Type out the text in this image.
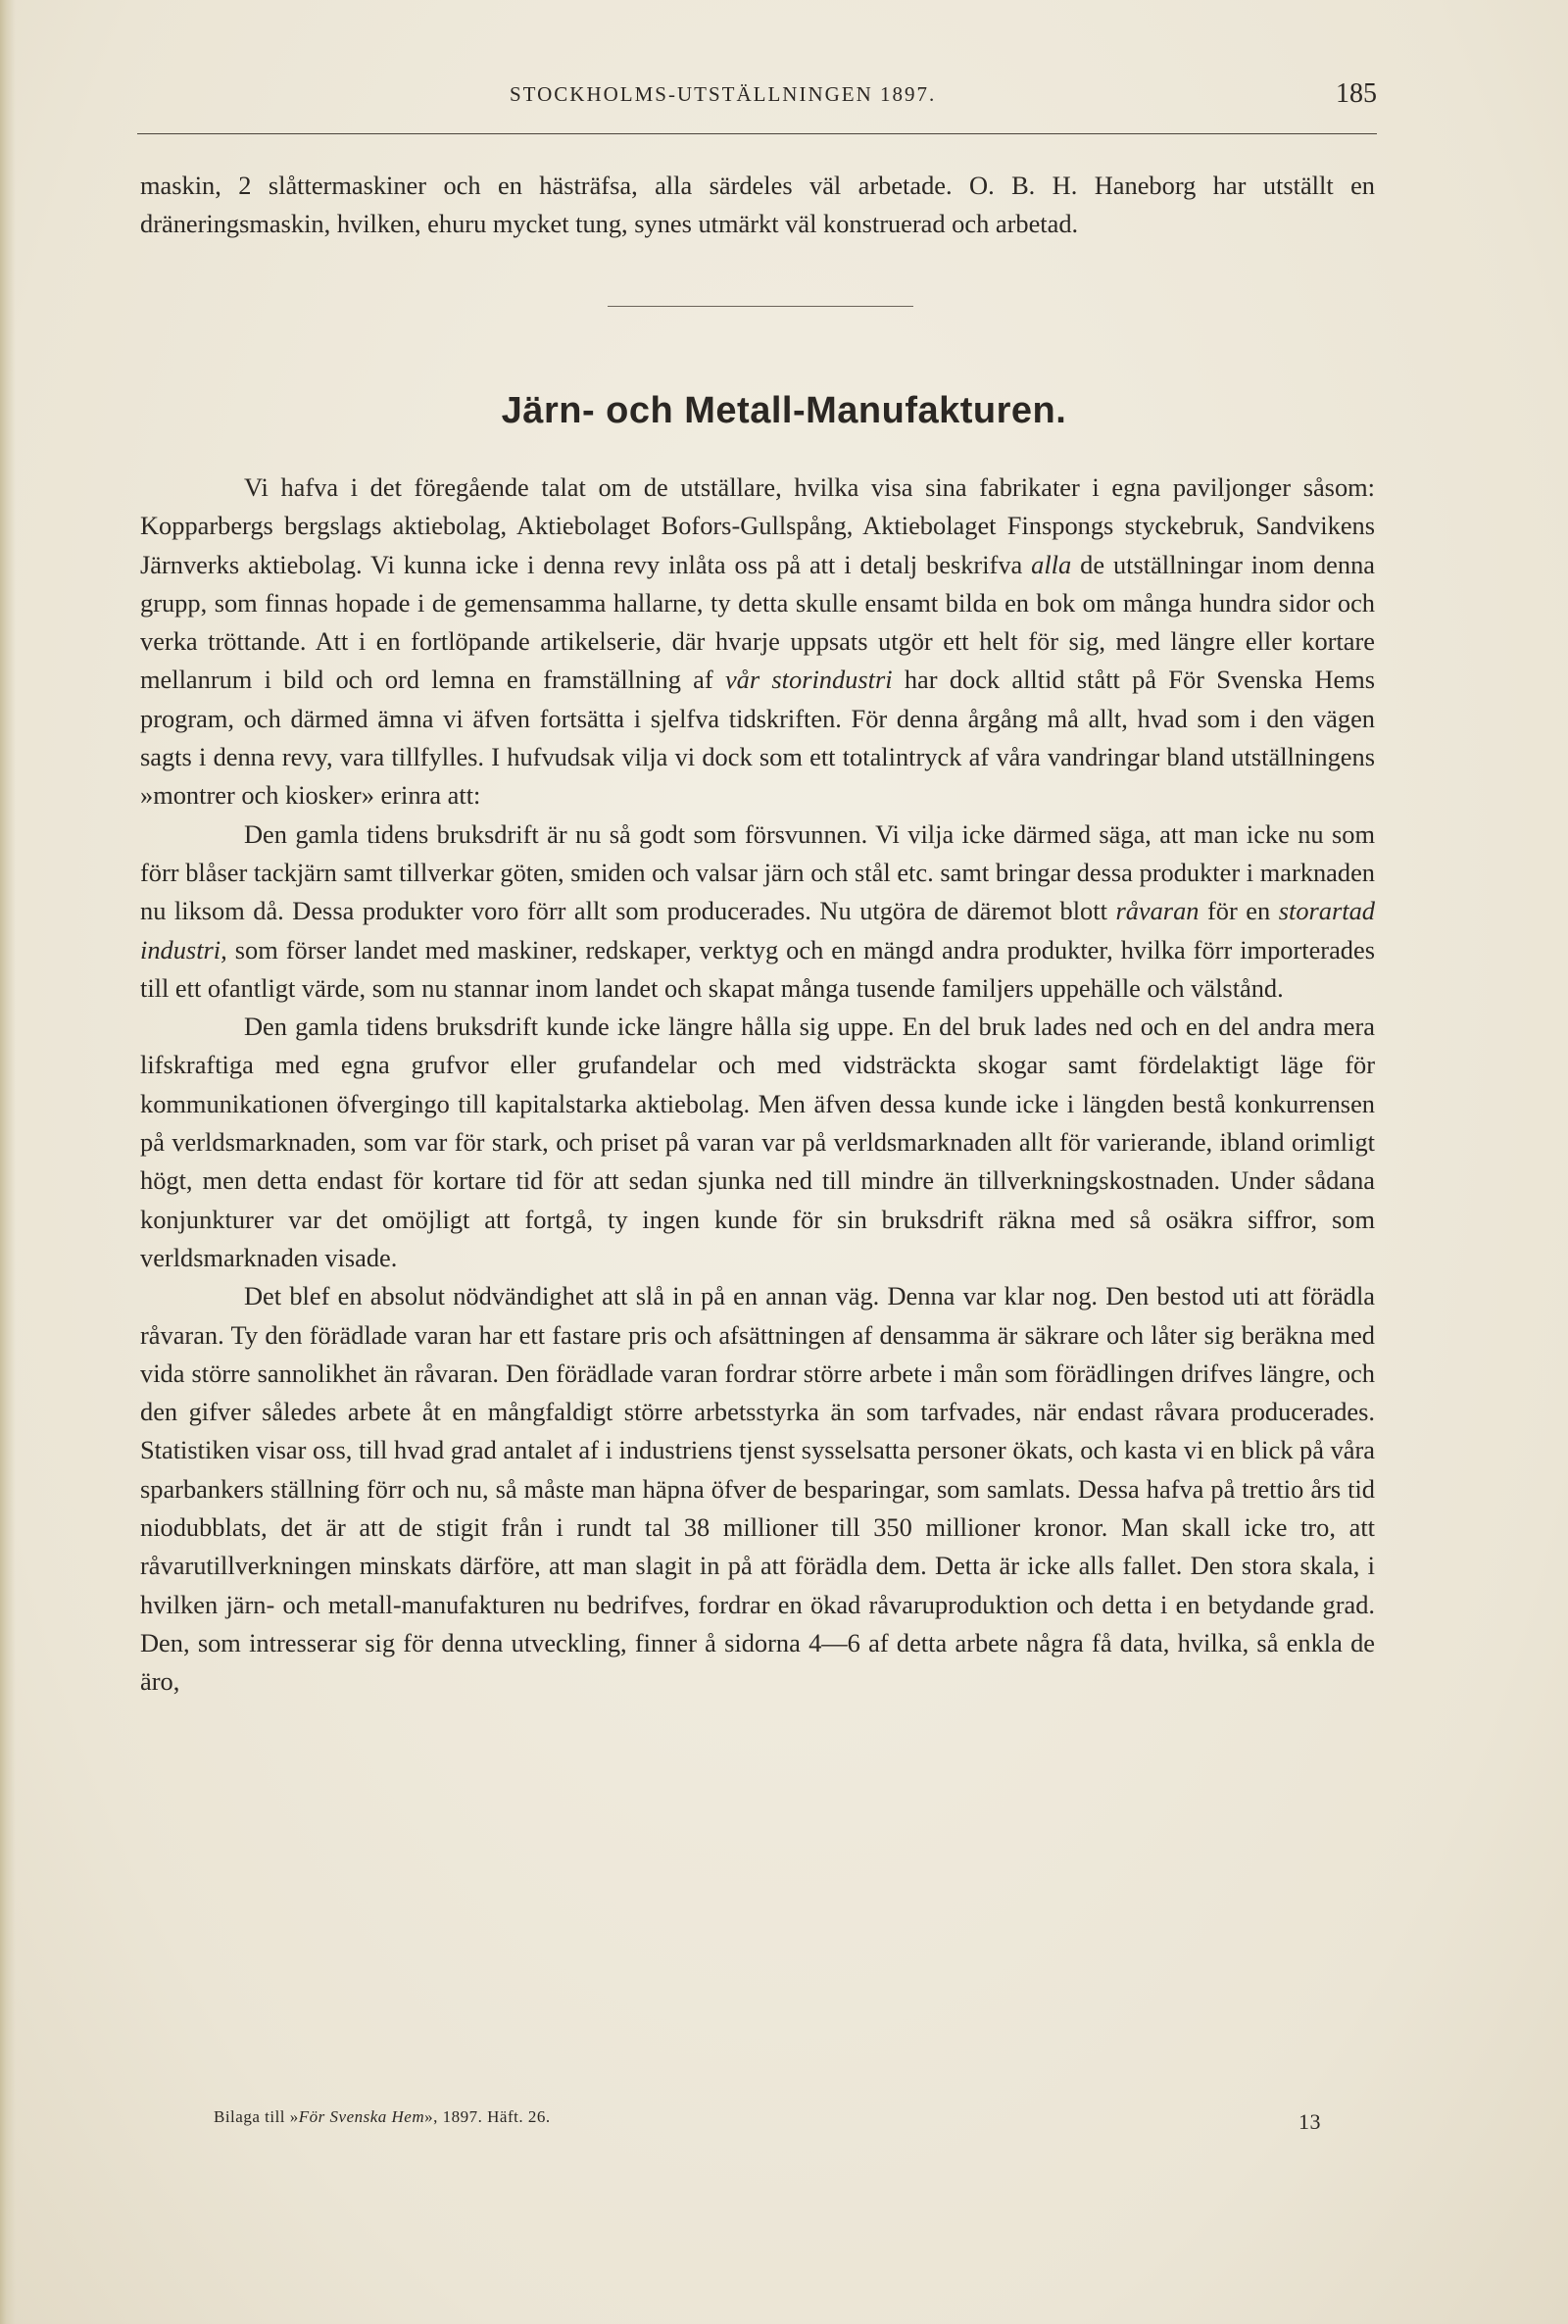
STOCKHOLMS-UTSTÄLLNINGEN 1897.	185

maskin, 2 slåttermaskiner och en hästräfsa, alla särdeles väl arbetade. O. B. H. Haneborg har utställt en dräneringsmaskin, hvilken, ehuru mycket tung, synes utmärkt väl konstruerad och arbetad.

Järn- och Metall-Manufakturen.

Vi hafva i det föregående talat om de utställare, hvilka visa sina fabrikater i egna paviljonger såsom: Kopparbergs bergslags aktiebolag, Aktiebolaget Bofors-Gullspång, Aktiebolaget Finspongs styckebruk, Sandvikens Järnverks aktiebolag. Vi kunna icke i denna revy inlåta oss på att i detalj beskrifva alla de utställningar inom denna grupp, som finnas hopade i de gemensamma hallarne, ty detta skulle ensamt bilda en bok om många hundra sidor och verka tröttande. Att i en fortlöpande artikelserie, där hvarje uppsats utgör ett helt för sig, med längre eller kortare mellanrum i bild och ord lemna en framställning af vår storindustri har dock alltid stått på För Svenska Hems program, och därmed ämna vi äfven fortsätta i sjelfva tidskriften. För denna årgång må allt, hvad som i den vägen sagts i denna revy, vara tillfylles. I hufvudsak vilja vi dock som ett totalintryck af våra vandringar bland utställningens »montrer och kiosker» erinra att:

Den gamla tidens bruksdrift är nu så godt som försvunnen. Vi vilja icke därmed säga, att man icke nu som förr blåser tackjärn samt tillverkar göten, smiden och valsar järn och stål etc. samt bringar dessa produkter i marknaden nu liksom då. Dessa produkter voro förr allt som producerades. Nu utgöra de däremot blott råvaran för en storartad industri, som förser landet med maskiner, redskaper, verktyg och en mängd andra produkter, hvilka förr importerades till ett ofantligt värde, som nu stannar inom landet och skapat många tusende familjers uppehälle och välstånd.

Den gamla tidens bruksdrift kunde icke längre hålla sig uppe. En del bruk lades ned och en del andra mera lifskraftiga med egna grufvor eller grufandelar och med vidsträckta skogar samt fördelaktigt läge för kommunikationen öfvergingo till kapitalstarka aktiebolag. Men äfven dessa kunde icke i längden bestå konkurrensen på verldsmarknaden, som var för stark, och priset på varan var på verldsmarknaden allt för varierande, ibland orimligt högt, men detta endast för kortare tid för att sedan sjunka ned till mindre än tillverkningskostnaden. Under sådana konjunkturer var det omöjligt att fortgå, ty ingen kunde för sin bruksdrift räkna med så osäkra siffror, som verldsmarknaden visade.

Det blef en absolut nödvändighet att slå in på en annan väg. Denna var klar nog. Den bestod uti att förädla råvaran. Ty den förädlade varan har ett fastare pris och afsättningen af densamma är säkrare och låter sig beräkna med vida större sannolikhet än råvaran. Den förädlade varan fordrar större arbete i mån som förädlingen drifves längre, och den gifver således arbete åt en mångfaldigt större arbetsstyrka än som tarfvades, när endast råvara producerades. Statistiken visar oss, till hvad grad antalet af i industriens tjenst sysselsatta personer ökats, och kasta vi en blick på våra sparbankers ställning förr och nu, så måste man häpna öfver de besparingar, som samlats. Dessa hafva på trettio års tid niodubblats, det är att de stigit från i rundt tal 38 millioner till 350 millioner kronor. Man skall icke tro, att råvarutillverkningen minskats därföre, att man slagit in på att förädla dem. Detta är icke alls fallet. Den stora skala, i hvilken järn- och metall-manufakturen nu bedrifves, fordrar en ökad råvaruproduktion och detta i en betydande grad. Den, som intresserar sig för denna utveckling, finner å sidorna 4—6 af detta arbete några få data, hvilka, så enkla de äro,

Bilaga till »För Svenska Hem», 1897. Häft. 26.	13
